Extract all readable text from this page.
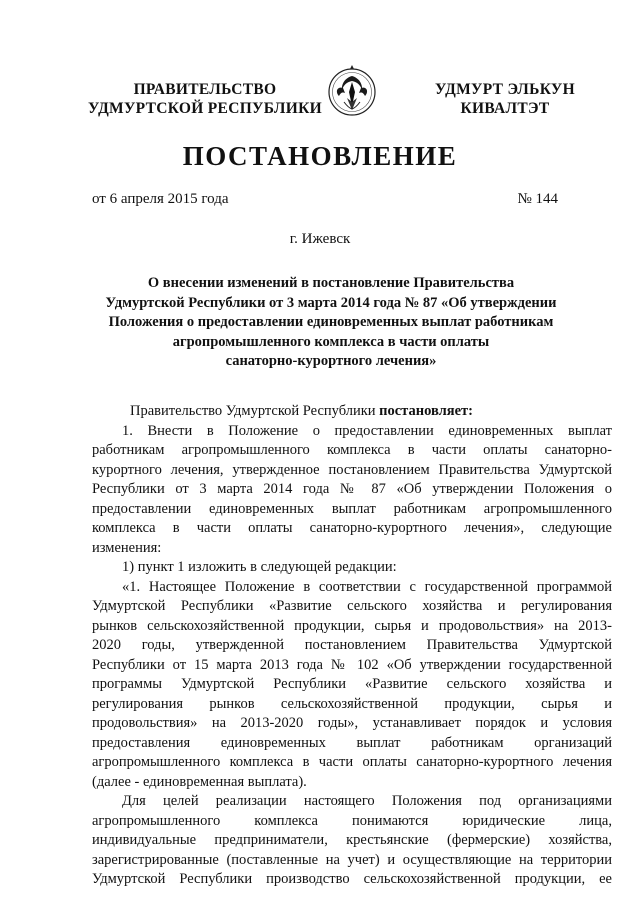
ПРАВИТЕЛЬСТВО
УДМУРТСКОЙ РЕСПУБЛИКИ
УДМУРТ ЭЛЬКУН
КИВАЛТЭТ
ПОСТАНОВЛЕНИЕ
от 6 апреля 2015 года	№ 144
г. Ижевск
О внесении изменений в постановление Правительства
Удмуртской Республики от 3 марта 2014 года № 87 «Об утверждении
Положения о предоставлении единовременных выплат работникам
агропромышленного комплекса в части оплаты
санаторно-курортного лечения»
Правительство Удмуртской Республики постановляет:
1. Внести в Положение о предоставлении единовременных выплат
работникам агропромышленного комплекса в части оплаты санаторно-
курортного лечения, утвержденное постановлением Правительства Удмуртской
Республики от 3 марта 2014 года № 87 «Об утверждении Положения о
предоставлении единовременных выплат работникам агропромышленного
комплекса в части оплаты санаторно-курортного лечения», следующие
изменения:
1) пункт 1 изложить в следующей редакции:
«1. Настоящее Положение в соответствии с государственной программой
Удмуртской Республики «Развитие сельского хозяйства и регулирования
рынков сельскохозяйственной продукции, сырья и продовольствия» на 2013-
2020 годы, утвержденной постановлением Правительства Удмуртской
Республики от 15 марта 2013 года № 102 «Об утверждении государственной
программы Удмуртской Республики «Развитие сельского хозяйства и
регулирования рынков сельскохозяйственной продукции, сырья и
продовольствия» на 2013-2020 годы», устанавливает порядок и условия
предоставления единовременных выплат работникам организаций
агропромышленного комплекса в части оплаты санаторно-курортного лечения
(далее - единовременная выплата).
Для целей реализации настоящего Положения под организациями
агропромышленного комплекса понимаются юридические лица,
индивидуальные предприниматели, крестьянские (фермерские) хозяйства,
зарегистрированные (поставленные на учет) и осуществляющие на территории
Удмуртской Республики производство сельскохозяйственной продукции, ее
